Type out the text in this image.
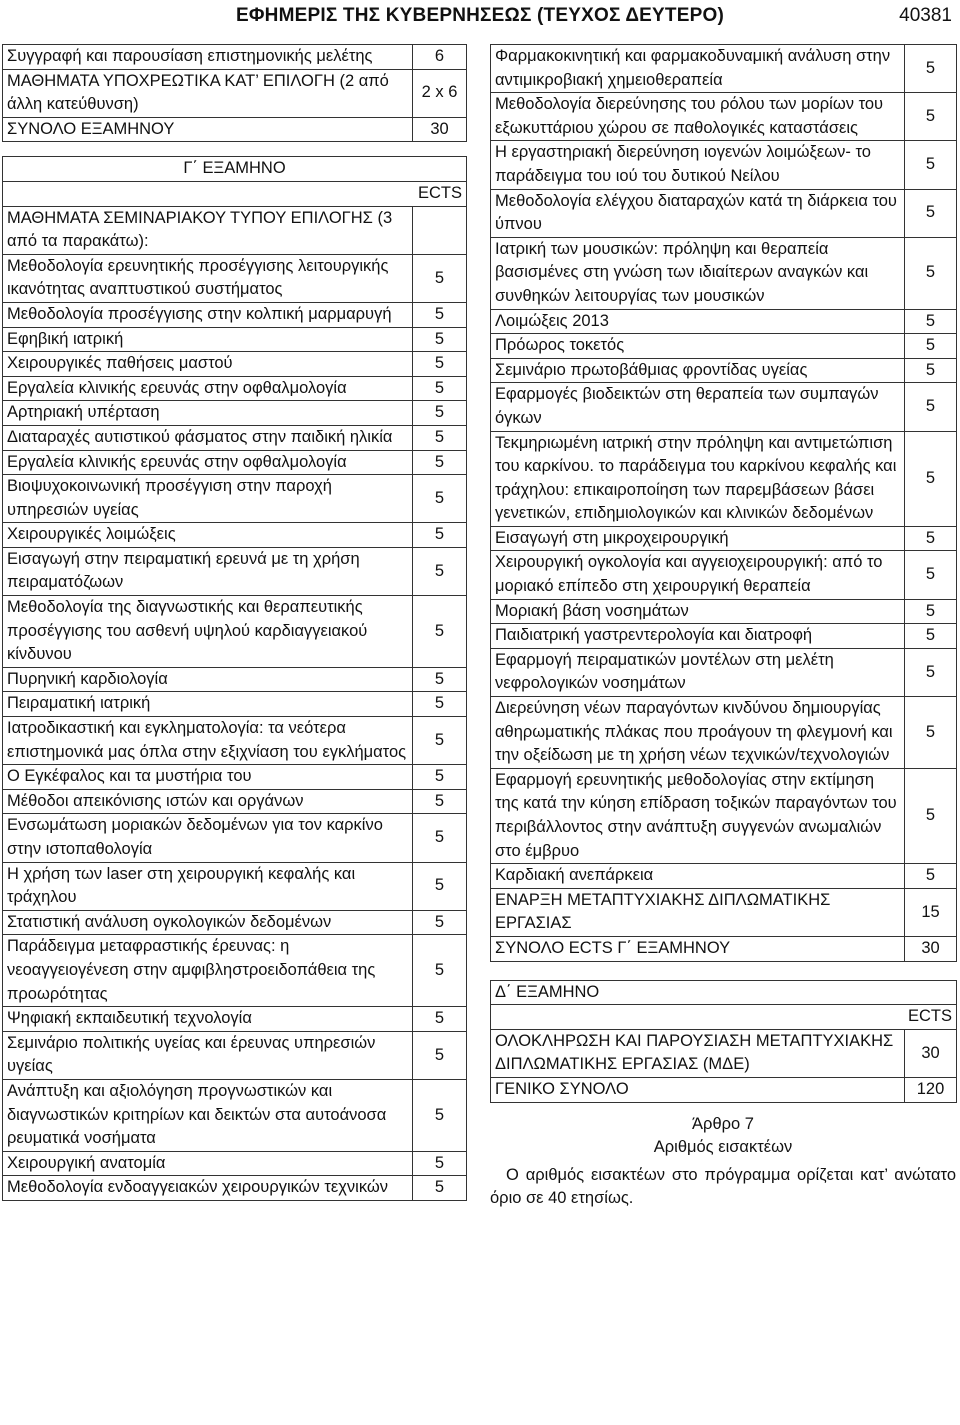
ΕΦΗΜΕΡΙΣ ΤΗΣ ΚΥΒΕΡΝΗΣΕΩΣ (ΤΕΥΧΟΣ ΔΕΥΤΕΡΟ)	40381
Συγγραφή και παρουσίαση επιστημονικής μελέτης	6
ΜΑΘΗΜΑΤΑ ΥΠΟΧΡΕΩΤΙΚΑ ΚΑΤ’ ΕΠΙΛΟΓΗ (2 από άλλη κατεύθυνση)	2 x 6
ΣΥΝΟΛΟ ΕΞΑΜΗΝΟΥ	30
Γ΄ ΕΞΑΜΗΝΟ	
ECTS	
ΜΑΘΗΜΑΤΑ ΣΕΜΙΝΑΡΙΑΚΟΥ ΤΥΠΟΥ ΕΠΙΛΟΓΗΣ (3 από τα παρακάτω):	
Μεθοδολογία ερευνητικής προσέγγισης λειτουργικής ικανότητας αναπτυστικού συστήματος	5
Μεθοδολογία προσέγγισης στην κολπική μαρμαρυγή	5
Εφηβική ιατρική	5
Χειρουργικές παθήσεις μαστού	5
Εργαλεία κλινικής ερευνάς στην οφθαλμολογία	5
Αρτηριακή υπέρταση	5
Διαταραχές αυτιστικού φάσματος στην παιδική ηλικία	5
Εργαλεία κλινικής ερευνάς στην οφθαλμολογία	5
Βιοψυχοκοινωνική προσέγγιση στην παροχή υπηρεσιών υγείας	5
Χειρουργικές λοιμώξεις	5
Εισαγωγή στην πειραματική ερευνά με τη χρήση πειραματόζωων	5
Μεθοδολογία της διαγνωστικής και θεραπευτικής προσέγγισης του ασθενή υψηλού καρδιαγγειακού κίνδυνου	5
Πυρηνική καρδιολογία	5
Πειραματική ιατρική	5
Ιατροδικαστική και εγκληματολογία: τα νεότερα επιστημονικά μας όπλα στην εξιχνίαση του εγκλήματος	5
Ο Εγκέφαλος και τα μυστήρια του	5
Μέθοδοι απεικόνισης ιστών και οργάνων	5
Ενσωμάτωση μοριακών δεδομένων για τον καρκίνο στην ιστοπαθολογία	5
Η χρήση των laser στη χειρουργική κεφαλής και τράχηλου	5
Στατιστική ανάλυση ογκολογικών δεδομένων	5
Παράδειγμα μεταφραστικής έρευνας: η νεοαγγειογένεση στην αμφιβληστροειδοπάθεια της προωρότητας	5
Ψηφιακή εκπαιδευτική τεχνολογία	5
Σεμινάριο πολιτικής υγείας και έρευνας υπηρεσιών υγείας	5
Ανάπτυξη και αξιολόγηση προγνωστικών και διαγνωστικών κριτηρίων και δεικτών στα αυτοάνοσα ρευματικά νοσήματα	5
Χειρουργική ανατομία	5
Μεθοδολογία ενδοαγγειακών χειρουργικών τεχνικών	5
Φαρμακοκινητική και φαρμακοδυναμική ανάλυση στην αντιμικροβιακή χημειοθεραπεία	5
Μεθοδολογία διερεύνησης του ρόλου των μορίων του εξωκυττάριου χώρου σε παθολογικές καταστάσεις	5
Η εργαστηριακή διερεύνηση ιογενών λοιμώξεων- το παράδειγμα του ιού του δυτικού Νείλου	5
Μεθοδολογία ελέγχου διαταραχών κατά τη διάρκεια του ύπνου	5
Ιατρική των μουσικών: πρόληψη και θεραπεία βασισμένες στη γνώση των ιδιαίτερων αναγκών και συνθηκών λειτουργίας των μουσικών	5
Λοιμώξεις 2013	5
Πρόωρος τοκετός	5
Σεμινάριο πρωτοβάθμιας φροντίδας υγείας	5
Εφαρμογές βιοδεικτών στη θεραπεία των συμπαγών όγκων	5
Τεκμηριωμένη ιατρική στην πρόληψη και αντιμετώπιση του καρκίνου. το παράδειγμα του καρκίνου κεφαλής και τράχηλου: επικαιροποίηση των παρεμβάσεων βάσει γενετικών, επιδημιολογικών και κλινικών δεδομένων	5
Εισαγωγή στη μικροχειρουργική	5
Χειρουργική ογκολογία και αγγειοχειρουργική: από το μοριακό επίπεδο στη χειρουργική θεραπεία	5
Μοριακή βάση νοσημάτων	5
Παιδιατρική γαστρεντερολογία και διατροφή	5
Εφαρμογή πειραματικών μοντέλων στη μελέτη νεφρολογικών νοσημάτων	5
Διερεύνηση νέων παραγόντων κινδύνου δημιουργίας αθηρωματικής πλάκας που προάγουν τη φλεγμονή και την οξείδωση με τη χρήση νέων τεχνικών/τεχνολογιών	5
Εφαρμογή ερευνητικής μεθοδολογίας στην εκτίμηση της κατά την κύηση επίδραση τοξικών παραγόντων του περιβάλλοντος στην ανάπτυξη συγγενών ανωμαλιών στο έμβρυο	5
Καρδιακή ανεπάρκεια	5
ΕΝΑΡΞΗ ΜΕΤΑΠΤΥΧΙΑΚΗΣ ΔΙΠΛΩΜΑΤΙΚΗΣ ΕΡΓΑΣΙΑΣ	15
ΣΥΝΟΛΟ ECTS Γ΄ ΕΞΑΜΗΝΟΥ	30
Δ΄ ΕΞΑΜΗΝΟ	
ECTS	
ΟΛΟΚΛΗΡΩΣΗ ΚΑΙ ΠΑΡΟΥΣΙΑΣΗ ΜΕΤΑΠΤΥΧΙΑΚΗΣ ΔΙΠΛΩΜΑΤΙΚΗΣ ΕΡΓΑΣΙΑΣ (ΜΔΕ)	30
ΓΕΝΙΚΟ ΣΥΝΟΛΟ	120
Άρθρο 7
Αριθμός εισακτέων
Ο αριθμός εισακτέων στο πρόγραμμα ορίζεται κατ’ ανώτατο όριο σε 40 ετησίως.
